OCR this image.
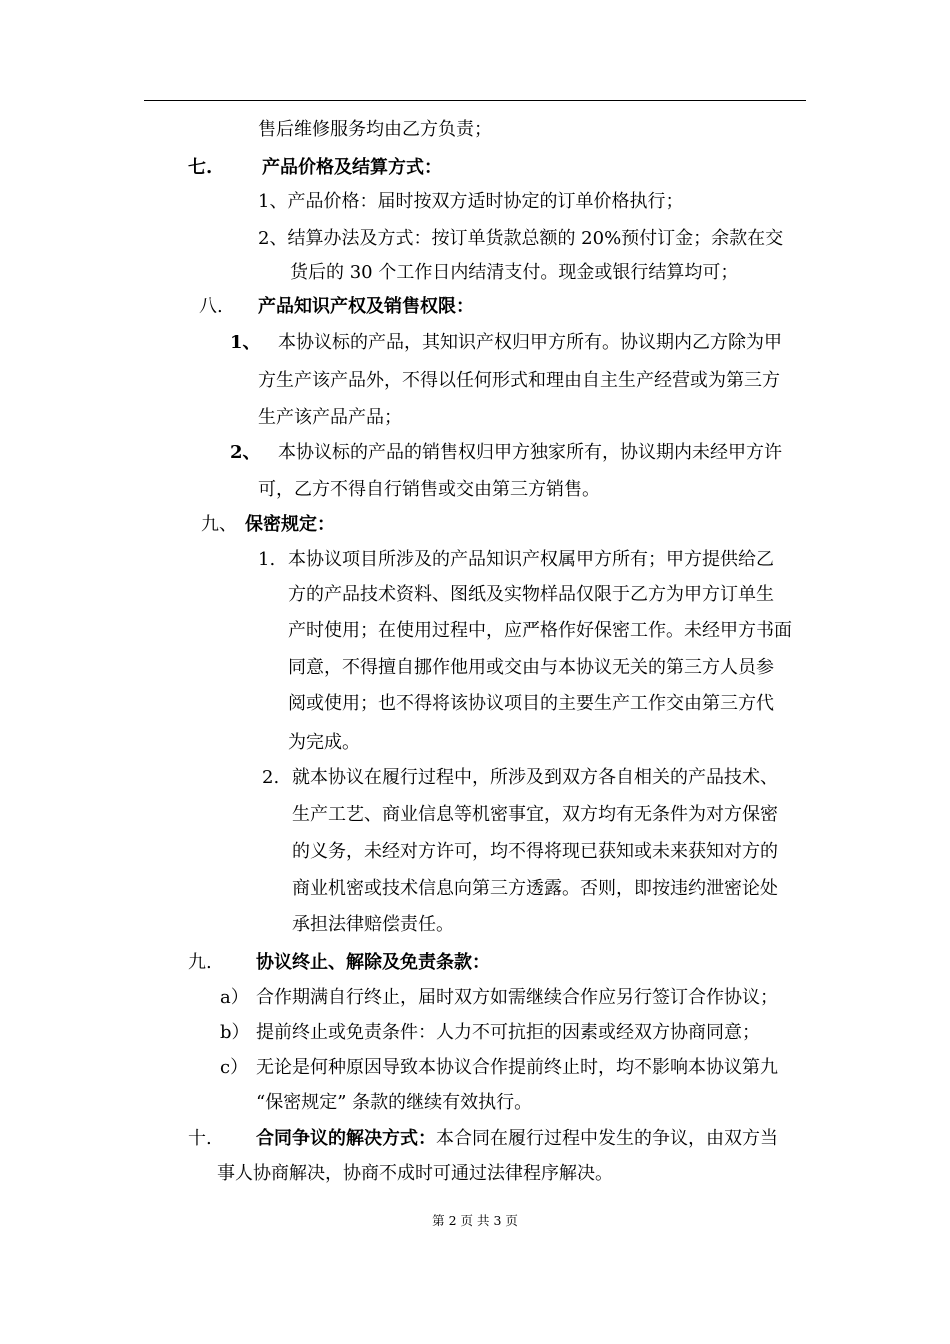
售后维修服务均由乙方负责；
七.	产品价格及结算方式：
1、产品价格：届时按双方适时协定的订单价格执行；
2、结算办法及方式：按订单货款总额的 20%预付订金；余款在交
货后的 30 个工作日内结清支付。现金或银行结算均可；
八. 产品知识产权及销售权限：
1、 本协议标的产品，其知识产权归甲方所有。协议期内乙方除为甲
方生产该产品外，不得以任何形式和理由自主生产经营或为第三方
生产该产品产品；
2、 本协议标的产品的销售权归甲方独家所有，协议期内未经甲方许
可，乙方不得自行销售或交由第三方销售。
九、 保密规定：
1. 本协议项目所涉及的产品知识产权属甲方所有；甲方提供给乙
方的产品技术资料、图纸及实物样品仅限于乙方为甲方订单生
产时使用；在使用过程中，应严格作好保密工作。未经甲方书面
同意，不得擅自挪作他用或交由与本协议无关的第三方人员参
阅或使用；也不得将该协议项目的主要生产工作交由第三方代
为完成。
2. 就本协议在履行过程中，所涉及到双方各自相关的产品技术、
生产工艺、商业信息等机密事宜，双方均有无条件为对方保密
的义务，未经对方许可，均不得将现已获知或未来获知对方的
商业机密或技术信息向第三方透露。否则，即按违约泄密论处
承担法律赔偿责任。
九. 协议终止、解除及免责条款：
a） 合作期满自行终止，届时双方如需继续合作应另行签订合作协议；
b） 提前终止或免责条件：人力不可抗拒的因素或经双方协商同意；
c） 无论是何种原因导致本协议合作提前终止时，均不影响本协议第九
“保密规定” 条款的继续有效执行。
十. 合同争议的解决方式：本合同在履行过程中发生的争议，由双方当
事人协商解决，协商不成时可通过法律程序解决。
第 2 页 共 3 页
